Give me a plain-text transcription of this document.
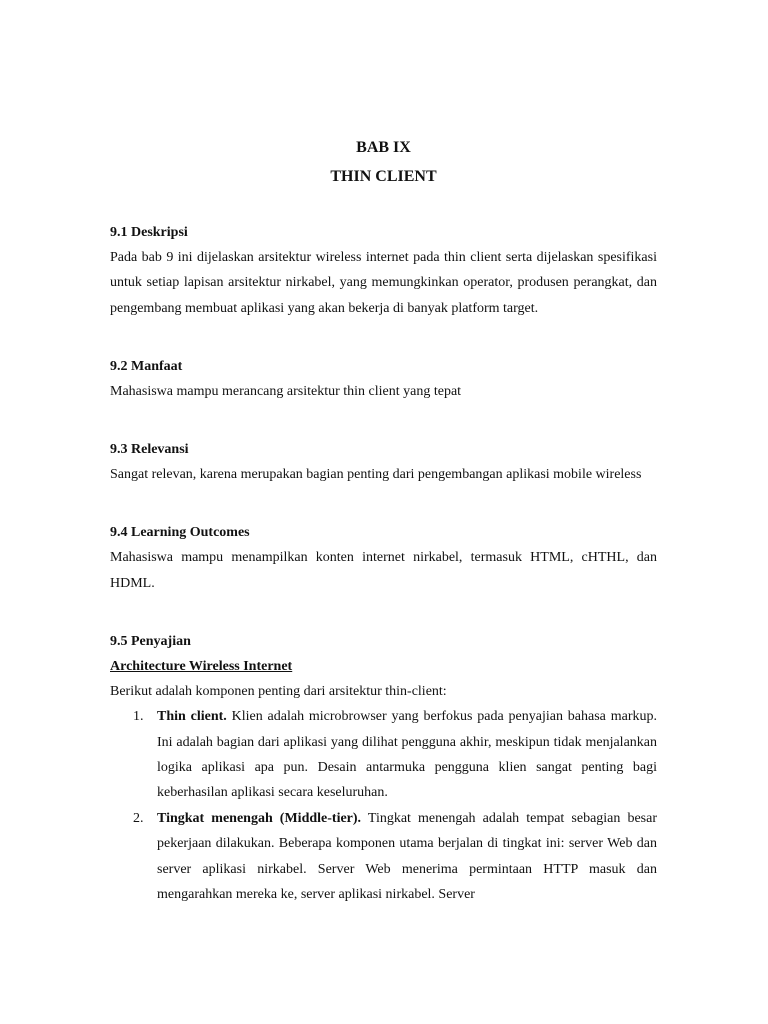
BAB IX
THIN CLIENT

9.1 Deskripsi

Pada bab 9 ini dijelaskan arsitektur wireless internet pada thin client serta dijelaskan spesifikasi untuk setiap lapisan arsitektur nirkabel, yang memungkinkan operator, produsen perangkat, dan pengembang membuat aplikasi yang akan bekerja di banyak platform target.

9.2 Manfaat

Mahasiswa mampu merancang arsitektur thin client yang tepat

9.3 Relevansi

Sangat relevan, karena merupakan bagian penting dari pengembangan aplikasi mobile wireless

9.4 Learning Outcomes

Mahasiswa mampu menampilkan konten internet nirkabel, termasuk HTML, cHTHL, dan HDML.

9.5 Penyajian

Architecture Wireless Internet

Berikut adalah komponen penting dari arsitektur thin-client:

1. Thin client. Klien adalah microbrowser yang berfokus pada penyajian bahasa markup. Ini adalah bagian dari aplikasi yang dilihat pengguna akhir, meskipun tidak menjalankan logika aplikasi apa pun. Desain antarmuka pengguna klien sangat penting bagi keberhasilan aplikasi secara keseluruhan.
2. Tingkat menengah (Middle-tier). Tingkat menengah adalah tempat sebagian besar pekerjaan dilakukan. Beberapa komponen utama berjalan di tingkat ini: server Web dan server aplikasi nirkabel. Server Web menerima permintaan HTTP masuk dan mengarahkan mereka ke, server aplikasi nirkabel. Server
